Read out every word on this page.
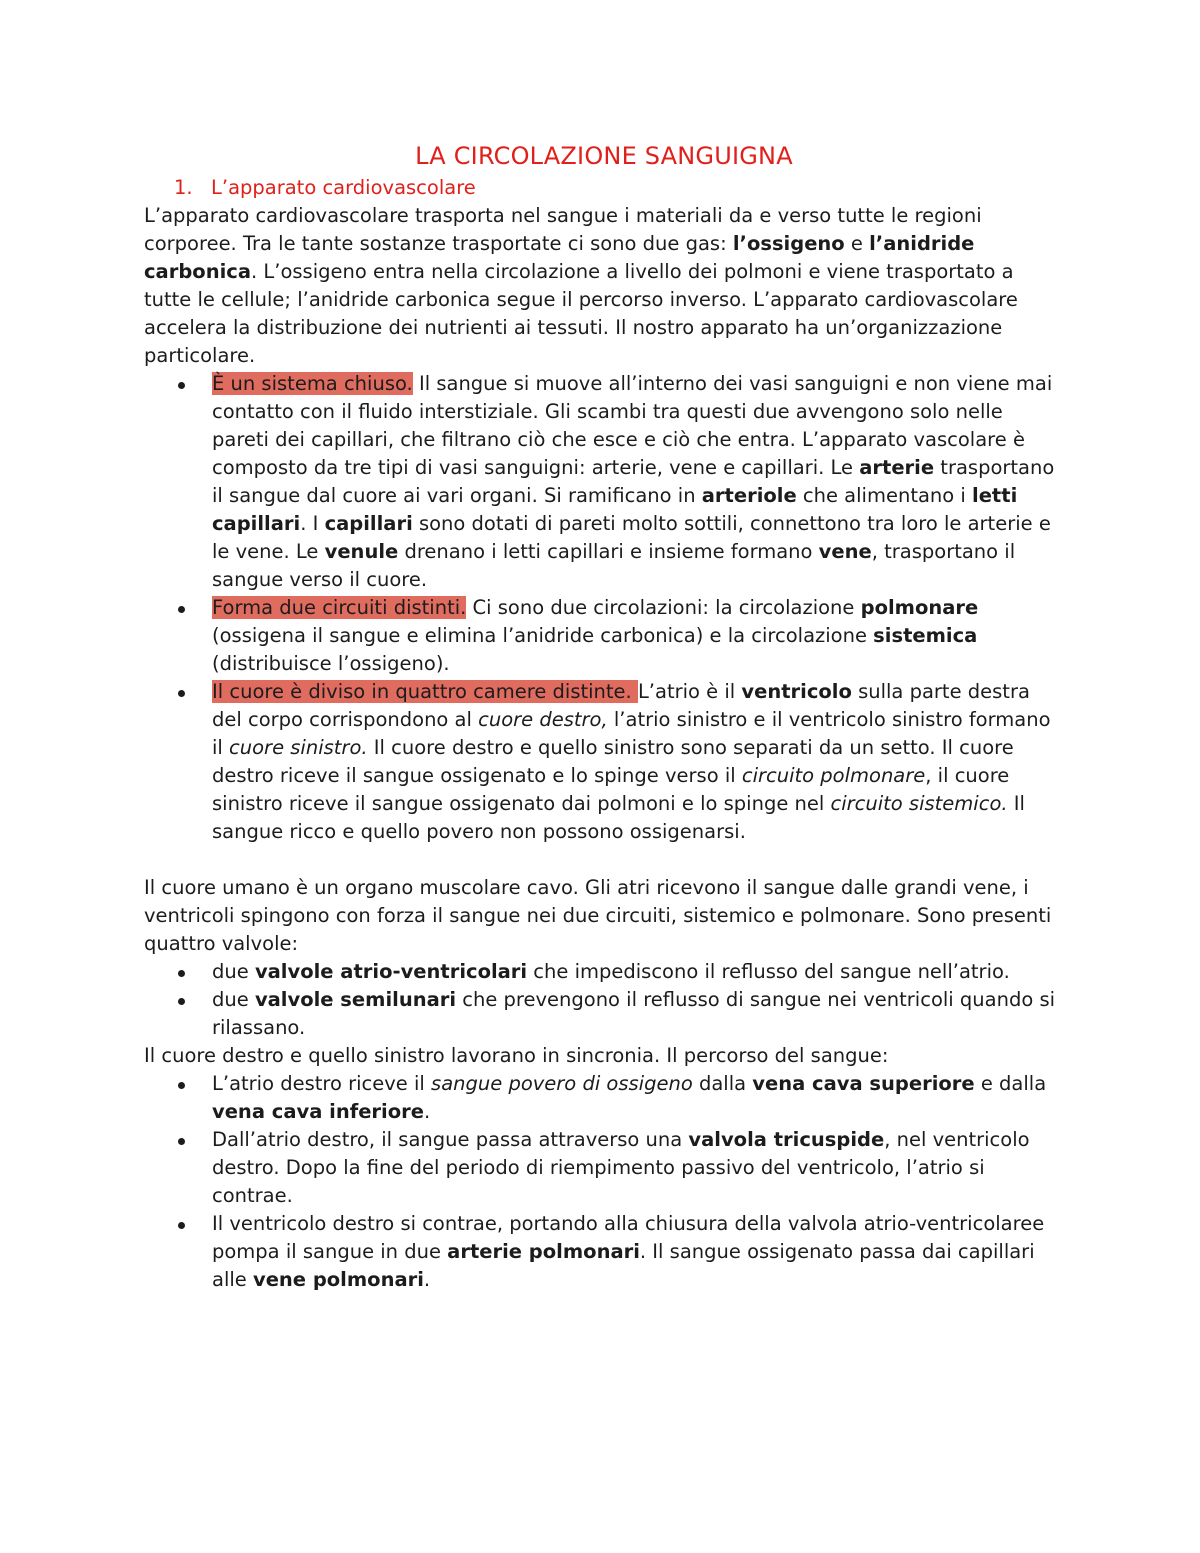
LA CIRCOLAZIONE SANGUIGNA
1. L’apparato cardiovascolare

L’apparato cardiovascolare trasporta nel sangue i materiali da e verso tutte le regioni corporee. Tra le tante sostanze trasportate ci sono due gas: l’ossigeno e l’anidride carbonica. L’ossigeno entra nella circolazione a livello dei polmoni e viene trasportato a tutte le cellule; l’anidride carbonica segue il percorso inverso. L’apparato cardiovascolare accelera la distribuzione dei nutrienti ai tessuti. Il nostro apparato ha un’organizzazione particolare.

È un sistema chiuso. Il sangue si muove all’interno dei vasi sanguigni e non viene mai contatto con il fluido interstiziale. Gli scambi tra questi due avvengono solo nelle pareti dei capillari, che filtrano ciò che esce e ciò che entra. L’apparato vascolare è composto da tre tipi di vasi sanguigni: arterie, vene e capillari. Le arterie trasportano il sangue dal cuore ai vari organi. Si ramificano in arteriole che alimentano i letti capillari. I capillari sono dotati di pareti molto sottili, connettono tra loro le arterie e le vene. Le venule drenano i letti capillari e insieme formano vene, trasportano il sangue verso il cuore.
Forma due circuiti distinti. Ci sono due circolazioni: la circolazione polmonare (ossigena il sangue e elimina l’anidride carbonica) e la circolazione sistemica (distribuisce l’ossigeno).
Il cuore è diviso in quattro camere distinte. L’atrio è il ventricolo sulla parte destra del corpo corrispondono al cuore destro, l’atrio sinistro e il ventricolo sinistro formano il cuore sinistro. Il cuore destro e quello sinistro sono separati da un setto. Il cuore destro riceve il sangue ossigenato e lo spinge verso il circuito polmonare, il cuore sinistro riceve il sangue ossigenato dai polmoni e lo spinge nel circuito sistemico. Il sangue ricco e quello povero non possono ossigenarsi.

Il cuore umano è un organo muscolare cavo. Gli atri ricevono il sangue dalle grandi vene, i ventricoli spingono con forza il sangue nei due circuiti, sistemico e polmonare. Sono presenti quattro valvole:

due valvole atrio-ventricolari che impediscono il reflusso del sangue nell’atrio.
due valvole semilunari che prevengono il reflusso di sangue nei ventricoli quando si rilassano.

Il cuore destro e quello sinistro lavorano in sincronia. Il percorso del sangue:

L’atrio destro riceve il sangue povero di ossigeno dalla vena cava superiore e dalla vena cava inferiore.
Dall’atrio destro, il sangue passa attraverso una valvola tricuspide, nel ventricolo destro. Dopo la fine del periodo di riempimento passivo del ventricolo, l’atrio si contrae.
Il ventricolo destro si contrae, portando alla chiusura della valvola atrio-ventricolaree pompa il sangue in due arterie polmonari. Il sangue ossigenato passa dai capillari alle vene polmonari.
